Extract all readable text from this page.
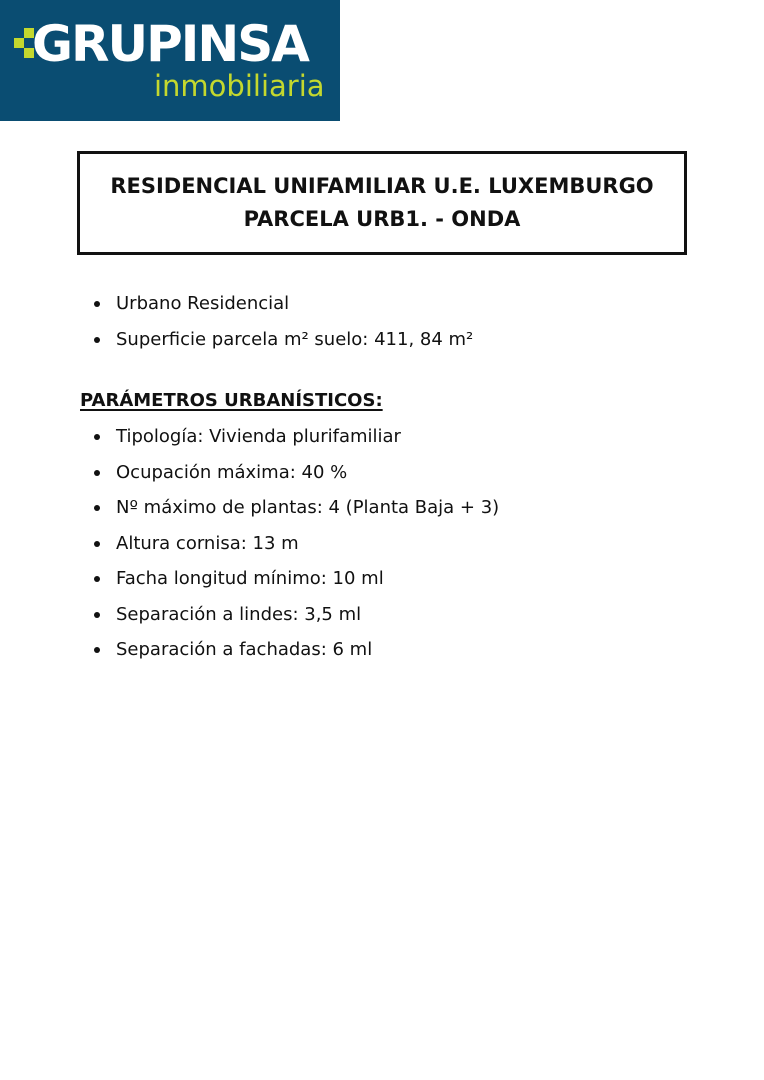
GRUPINSA
inmobiliaria
RESIDENCIAL UNIFAMILIAR U.E. LUXEMBURGO
PARCELA URB1. - ONDA
Urbano Residencial
Superficie parcela m² suelo: 411, 84 m²
PARÁMETROS URBANÍSTICOS:
Tipología: Vivienda plurifamiliar
Ocupación máxima: 40 %
Nº máximo de plantas: 4 (Planta Baja + 3)
Altura cornisa: 13 m
Facha longitud mínimo: 10 ml
Separación a lindes: 3,5 ml
Separación a fachadas: 6 ml
